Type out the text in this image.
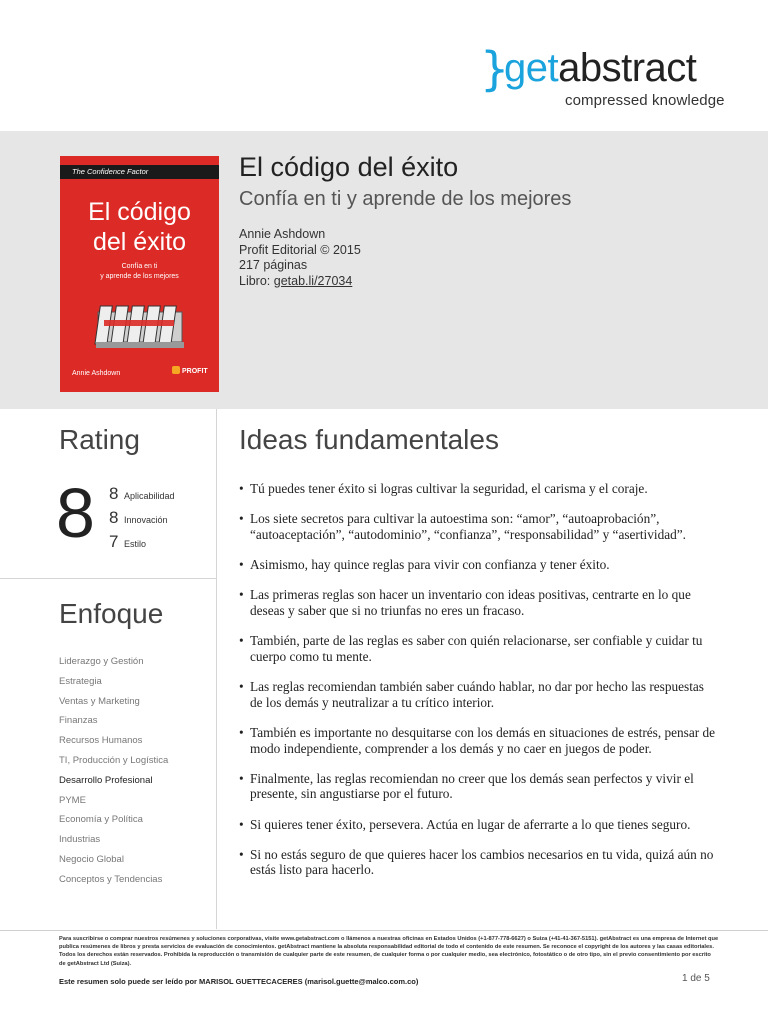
}
getabstract
compressed knowledge
The Confidence Factor
El código
del éxito
Confía en ti
y aprende de los mejores
Annie Ashdown	PROFIT
El código del éxito
Confía en ti y aprende de los mejores
Annie Ashdown
Profit Editorial © 2015
217 páginas
Libro: getab.li/27034
Rating
8 8 Aplicabilidad
8 Innovación
7 Estilo
Enfoque
Liderazgo y Gestión
Estrategia
Ventas y Marketing
Finanzas
Recursos Humanos
TI, Producción y Logística
Desarrollo Profesional
PYME
Economía y Política
Industrias
Negocio Global
Conceptos y Tendencias
Ideas fundamentales
• Tú puedes tener éxito si logras cultivar la seguridad, el carisma y el coraje.
• Los siete secretos para cultivar la autoestima son: “amor”, “autoaprobación”, “autoaceptación”, “autodominio”, “confianza”, “responsabilidad” y “asertividad”.
• Asimismo, hay quince reglas para vivir con confianza y tener éxito.
• Las primeras reglas son hacer un inventario con ideas positivas, centrarte en lo que deseas y saber que si no triunfas no eres un fracaso.
• También, parte de las reglas es saber con quién relacionarse, ser confiable y cuidar tu cuerpo como tu mente.
• Las reglas recomiendan también saber cuándo hablar, no dar por hecho las respuestas de los demás y neutralizar a tu crítico interior.
• También es importante no desquitarse con los demás en situaciones de estrés, pensar de modo independiente, comprender a los demás y no caer en juegos de poder.
• Finalmente, las reglas recomiendan no creer que los demás sean perfectos y vivir el presente, sin angustiarse por el futuro.
• Si quieres tener éxito, persevera. Actúa en lugar de aferrarte a lo que tienes seguro.
• Si no estás seguro de que quieres hacer los cambios necesarios en tu vida, quizá aún no estás listo para hacerlo.
Para suscribirse o comprar nuestros resúmenes y soluciones corporativas, visite www.getabstract.com o llámenos a nuestras oficinas en Estados Unidos (+1-877-778-6627) o Suiza (+41-41-367-5151). getAbstract es una empresa de Internet que publica resúmenes de libros y presta servicios de evaluación de conocimientos. getAbstract mantiene la absoluta responsabilidad editorial de todo el contenido de este resumen. Se reconoce el copyright de los autores y las casas editoriales. Todos los derechos están reservados. Prohibida la reproducción o transmisión de cualquier parte de este resumen, de cualquier forma o por cualquier medio, sea electrónico, fotostático o de otro tipo, sin el previo consentimiento por escrito de getAbstract Ltd (Suiza).
Este resumen solo puede ser leído por MARISOL GUETTECACERES (marisol.guette@malco.com.co)	1 de 5
